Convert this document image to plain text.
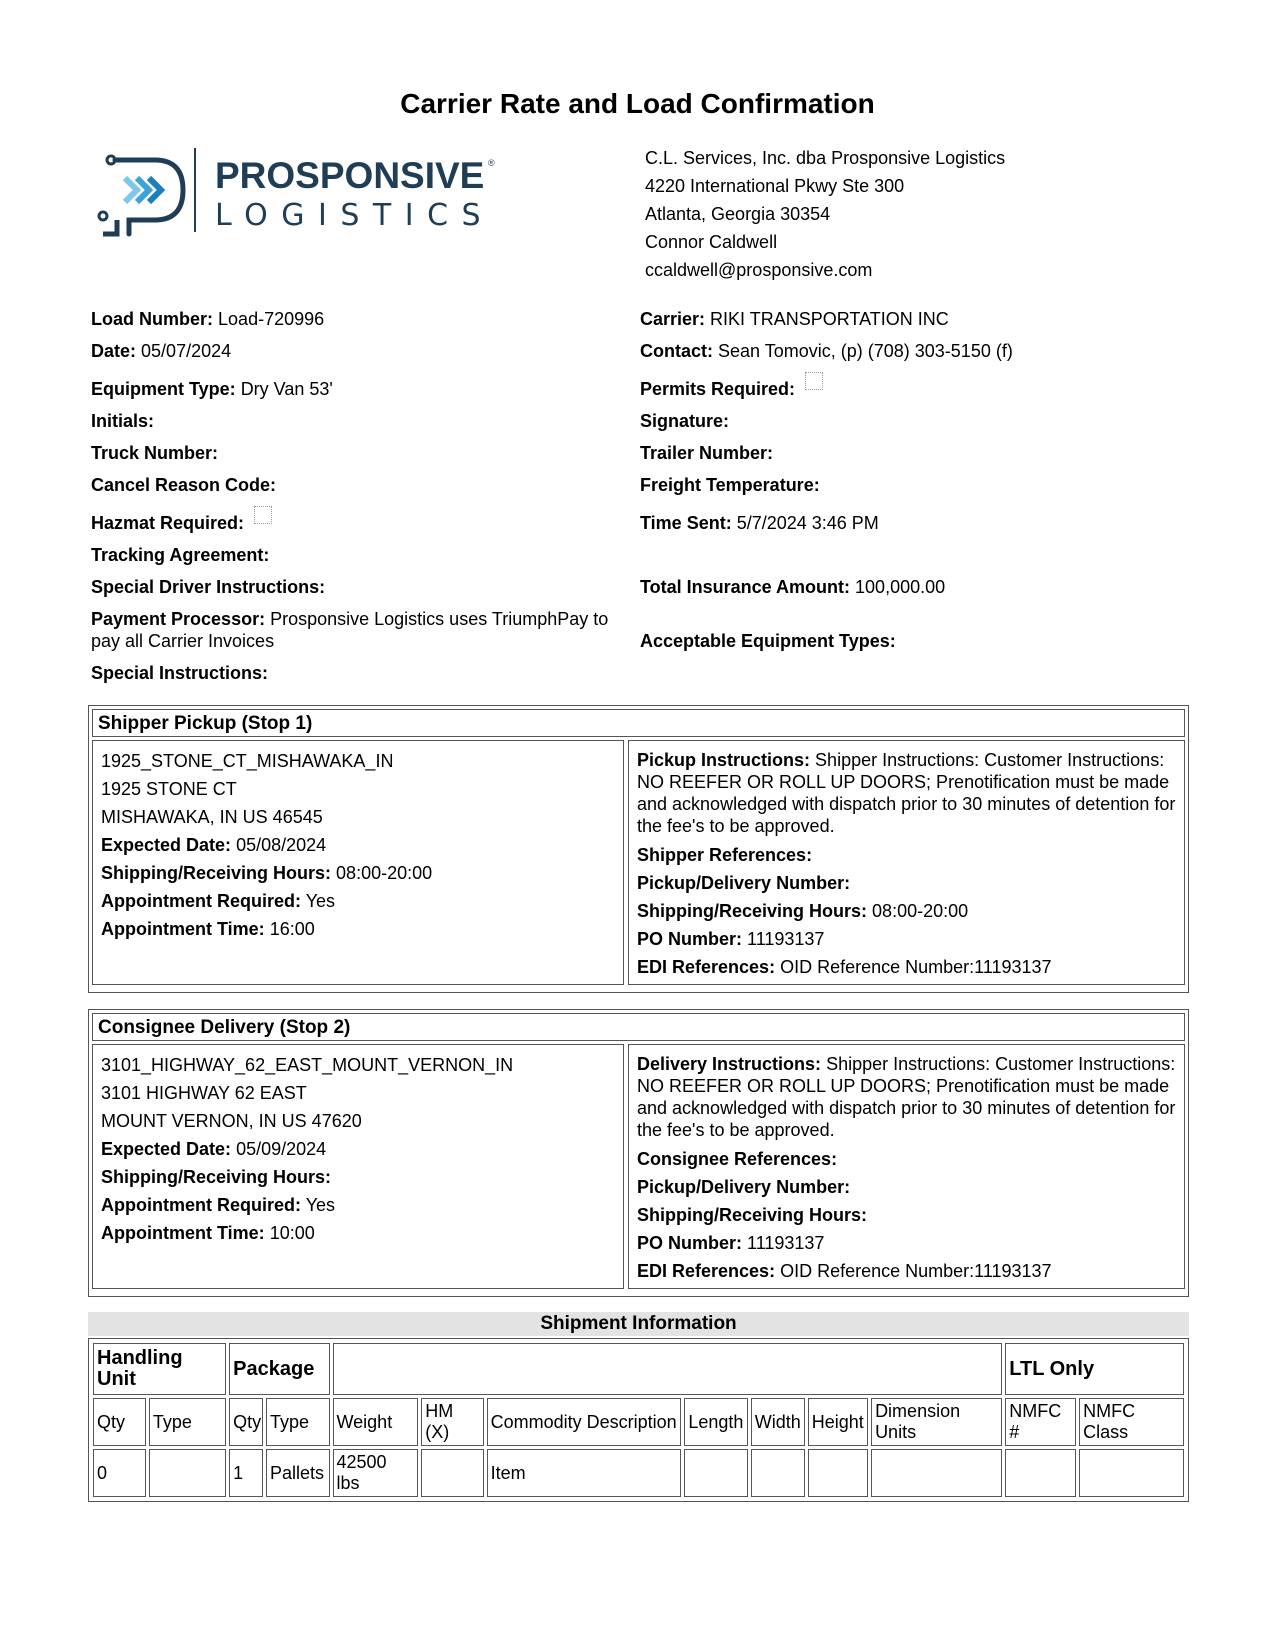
Carrier Rate and Load Confirmation
PROSPONSIVE
LOGISTICS
®	C.L. Services, Inc. dba Prosponsive Logistics
4220 International Pkwy Ste 300
Atlanta, Georgia 30354
Connor Caldwell
ccaldwell@prosponsive.com
Load Number: Load-720996
Date: 05/07/2024
Equipment Type: Dry Van 53'
Initials:
Truck Number:
Cancel Reason Code:
Hazmat Required:
Tracking Agreement:
Special Driver Instructions:
Payment Processor: Prosponsive Logistics uses TriumphPay to pay all Carrier Invoices
Special Instructions:
Carrier: RIKI TRANSPORTATION INC
Contact: Sean Tomovic, (p) (708) 303-5150 (f)
Permits Required:
Signature:
Trailer Number:
Freight Temperature:
Time Sent: 5/7/2024 3:46 PM
Total Insurance Amount: 100,000.00
Acceptable Equipment Types:
Shipper Pickup (Stop 1)
1925_STONE_CT_MISHAWAKA_IN
1925 STONE CT
MISHAWAKA, IN US 46545
Expected Date: 05/08/2024
Shipping/Receiving Hours: 08:00-20:00
Appointment Required: Yes
Appointment Time: 16:00
Pickup Instructions: Shipper Instructions: Customer Instructions: NO REEFER OR ROLL UP DOORS; Prenotification must be made and acknowledged with dispatch prior to 30 minutes of detention for the fee's to be approved.
Shipper References:
Pickup/Delivery Number:
Shipping/Receiving Hours: 08:00-20:00
PO Number: 11193137
EDI References: OID Reference Number:11193137
Consignee Delivery (Stop 2)
3101_HIGHWAY_62_EAST_MOUNT_VERNON_IN
3101 HIGHWAY 62 EAST
MOUNT VERNON, IN US 47620
Expected Date: 05/09/2024
Shipping/Receiving Hours:
Appointment Required: Yes
Appointment Time: 10:00
Delivery Instructions: Shipper Instructions: Customer Instructions: NO REEFER OR ROLL UP DOORS; Prenotification must be made and acknowledged with dispatch prior to 30 minutes of detention for the fee's to be approved.
Consignee References:
Pickup/Delivery Number:
Shipping/Receiving Hours:
PO Number: 11193137
EDI References: OID Reference Number:11193137
Shipment Information
Handling Unit		Package									LTL Only	
Qty	Type	Qty	Type	Weight	HM (X)	Commodity Description	Length	Width	Height	Dimension Units	NMFC #	NMFC Class
0		1	Pallets	42500 lbs		Item						
